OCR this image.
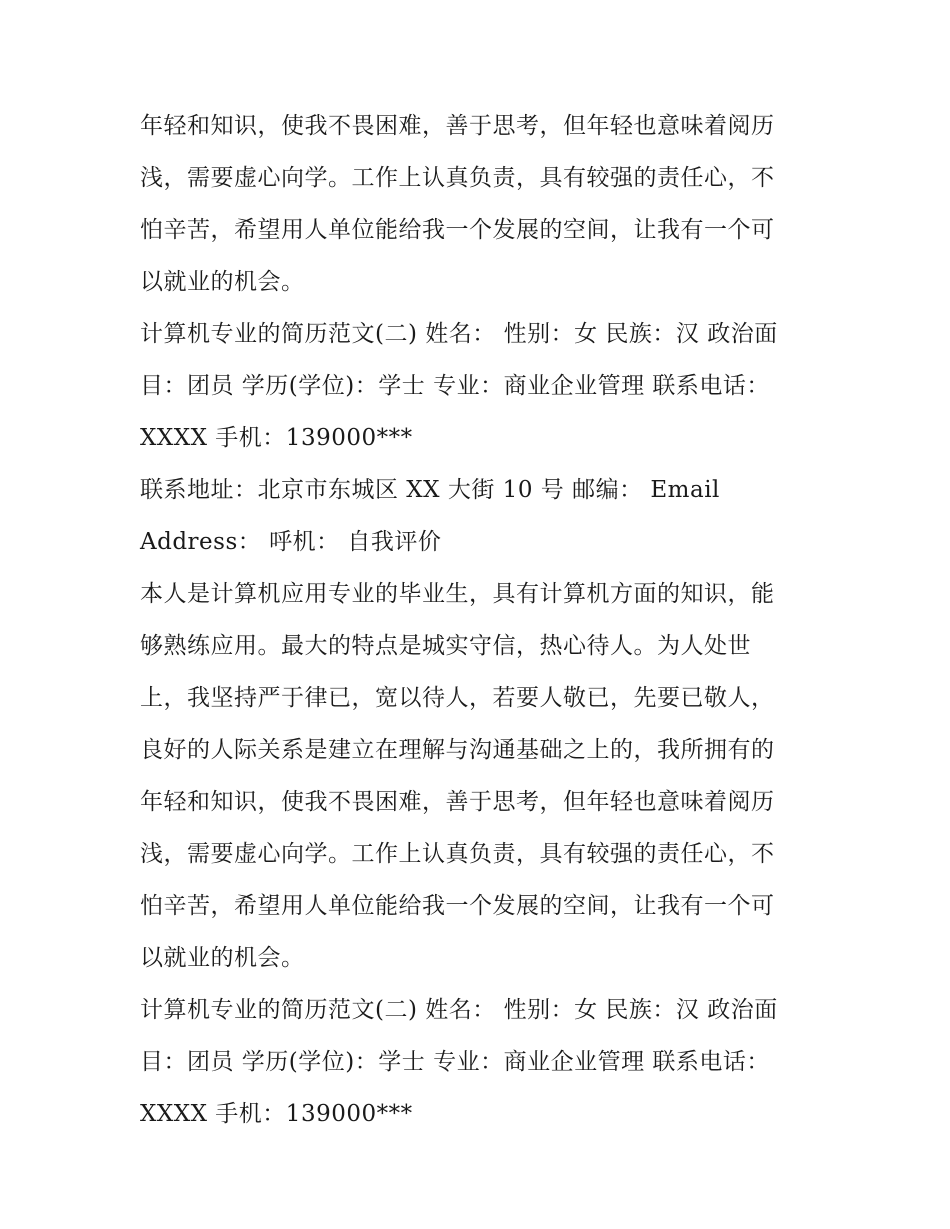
年轻和知识，使我不畏困难，善于思考，但年轻也意味着阅历
浅，需要虚心向学。工作上认真负责，具有较强的责任心，不
怕辛苦，希望用人单位能给我一个发展的空间，让我有一个可
以就业的机会。
计算机专业的简历范文(二) 姓名： 性别：女 民族：汉 政治面
目：团员 学历(学位)：学士 专业：商业企业管理 联系电话：
XXXX 手机：139000***
联系地址：北京市东城区 XX 大街 10 号 邮编： Email
Address： 呼机： 自我评价
本人是计算机应用专业的毕业生，具有计算机方面的知识，能
够熟练应用。最大的特点是城实守信，热心待人。为人处世
上，我坚持严于律已，宽以待人，若要人敬已，先要已敬人，
良好的人际关系是建立在理解与沟通基础之上的，我所拥有的
年轻和知识，使我不畏困难，善于思考，但年轻也意味着阅历
浅，需要虚心向学。工作上认真负责，具有较强的责任心，不
怕辛苦，希望用人单位能给我一个发展的空间，让我有一个可
以就业的机会。
计算机专业的简历范文(二) 姓名： 性别：女 民族：汉 政治面
目：团员 学历(学位)：学士 专业：商业企业管理 联系电话：
XXXX 手机：139000***
